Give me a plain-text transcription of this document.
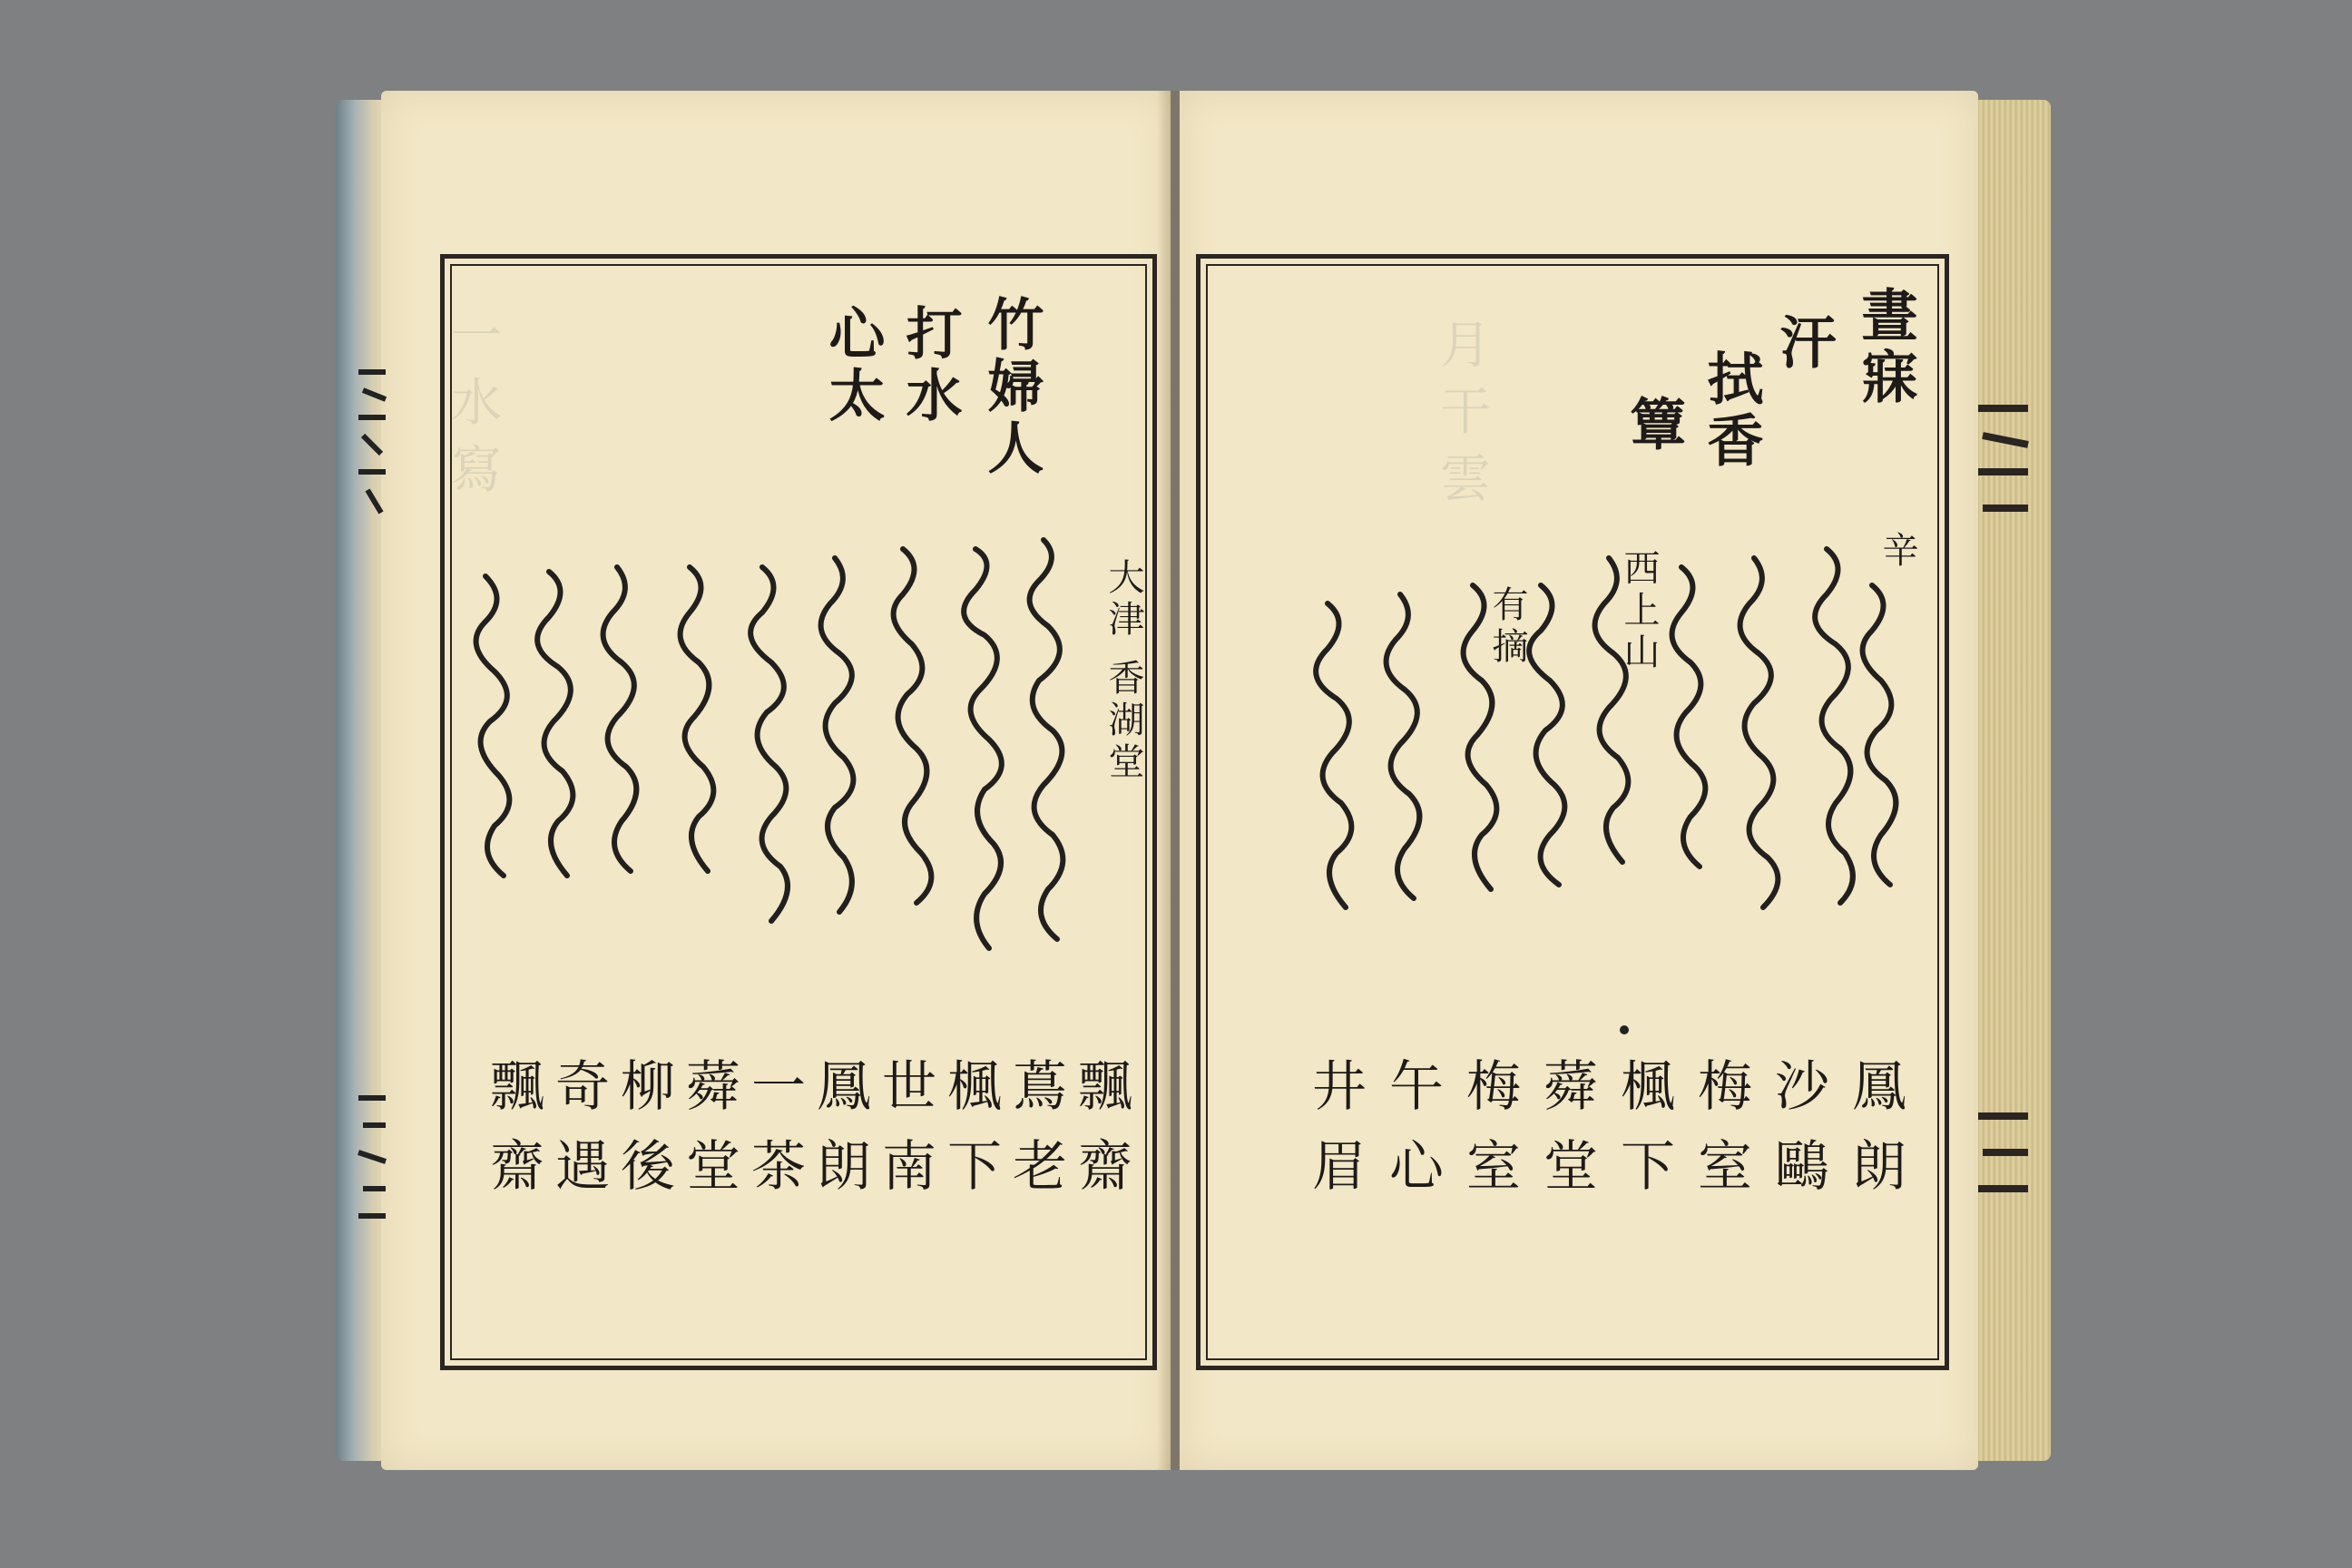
一 水 寫	竹婦人
打水
心太
大津 香湖堂
飄齋
蔦老
楓下
世南
鳳朗
一茶
蕣堂
柳後
奇遇
飄齋
月 干 雲	晝寐
汗
拭香
簟
辛
西上山
有摘
鳳朗
沙鷗
梅室
楓下
蕣堂
梅室
午心
井眉
